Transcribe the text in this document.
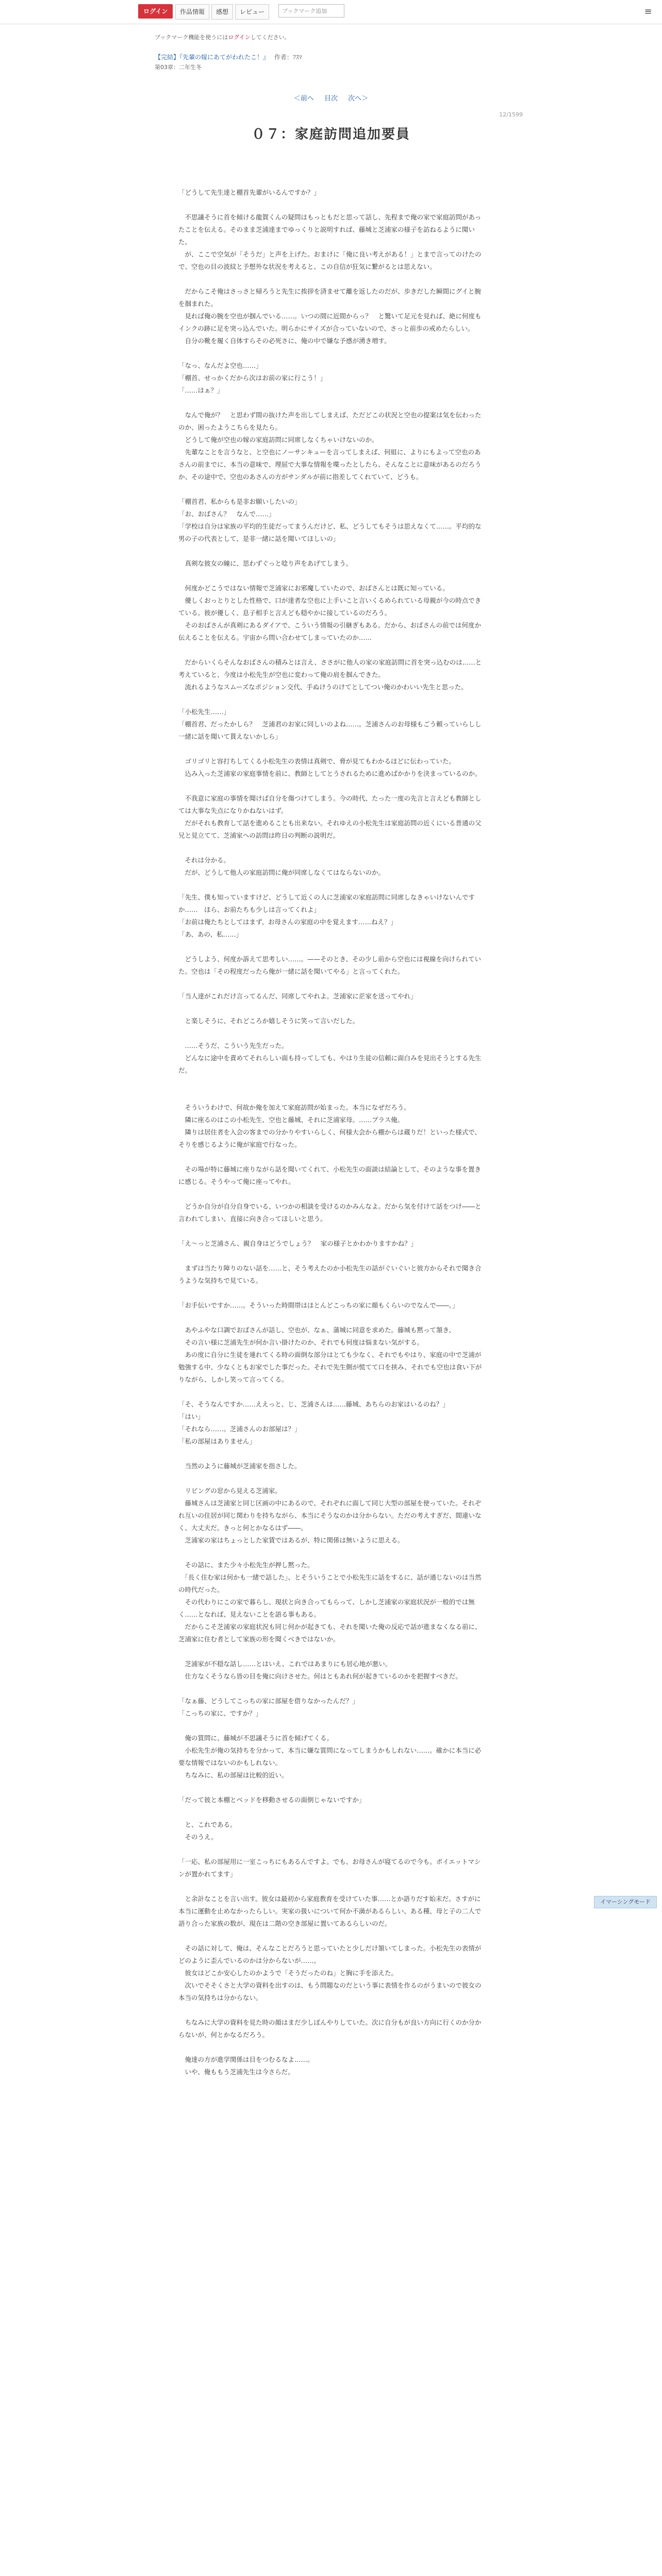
ログイン	作品情報	感想	レビュー	ブックマーク追加	≡
ブックマーク機能を使うにはログインしてください。
【完結】『先輩の嫁にあてがわれたこ！』 作者：ﾌｽﾏ
第03章：二年生冬
＜前へ 目次 次へ＞
12/1599
０７：家庭訪問追加要員

「どうして先生達と棚首先輩がいるんですか？」

　不思議そうに首を傾ける龍賀くんの疑問はもっともだと思って話し、先程まで俺の家で家庭訪問があったことを伝える。そのまま芝浦達までゆっくりと説明すれば、藤城と芝浦家の様子を訪ねるように聞いた。

　が、ここで空気が「そうだ」と声を上げた。おまけに「俺に良い考えがある！」とまで言ってのけたので、空也の目の波紋と予想外な状況を考えると、この自信が狂気に繋がるとは思えない。

　だからこそ俺はさっさと帰ろうと先生に挨拶を済ませて離を返したのだが、歩きだした瞬間にグイと腕を掴まれた。

　見れば俺の腕を空也が掴んでいる……。いつの間に近間からっ？　と驚いて足元を見れば、絶に何度もインクの跡に足を突っ込んでいた。明らかにサイズが合っていないので、さっと前歩の戒めたらしい。

　自分の靴を履く自体すらその必死さに、俺の中で嫌な予感が湧き増す。

「なっ、なんだよ空也……」

「棚首、せっかくだから次はお前の家に行こう！」

「……はぁ？」

　なんで俺が？　と思わず間の抜けた声を出してしまえば、ただどこの状況と空也の提案は気を伝わったのか、困ったようこちらを見たら。

　どうして俺が空也の嫁の家庭訪問に同席しなくちゃいけないのか。

　先輩なことを言うなと、と空也にノーサンキューを言ってしまえば、何組に、よりにもよって空也のあさんの前までに、本当の意味で、理屈で大事な情報を喋ったとしたら、そんなことに意味があるのだろうか、その途中で、空也のあさんの方がサンダルが前に指差してくれていて、どうも。

「棚首君、私からも是非お願いしたいの」

「お、おばさん？　なんで……」

「学校は自分は家族の平均的生徒だってまうんだけど、私、どうしてもそうは思えなくて……。平均的な男の子の代表として、是非一緒に話を聞いてほしいの」

　真剣な彼女の瞳に、思わずぐっと唸り声をあげてしまう。

　何度かどこうではない情報で芝浦家にお邪魔していたので、おばさんとは既に知っている。

　優しくおっとりとした性格で、口が達者な空也に上手いこと言いくるめられている母親が今の時点できている。彼が優しく、息子相手と言えども穏やかに接しているのだろう。

　そのおばさんが真剣にあるダイアで、こういう情報の引継ぎもある。だから、おばさんの前では何度か伝えることを伝える。宇宙から問い合わせてしまっていたのか……

　だからいくらそんなおばさんの積みとは言え、ささがに他人の家の家庭訪問に首を突っ込むのは……と考えていると、今度は小松先生が空也に変わって俺の肩を掴んできた。

　流れるようなスムーズなポジション交代、手ぬけうのけてとしてつい俺のかわいい先生と思った。

「小松先生……」

「棚首君、だったかしら？　芝浦君のお家に同しいのよね……。芝浦さんのお母様もごう頼っていらしし一緒に話を聞いて貰えないかしら」

　ゴリゴリと容打ちしてくる小松先生の表情は真剣で、脅が見てもわかるほどに伝わっていた。

　込み入った芝浦家の家庭事情を前に、教師としてとうされるために進めばかかりを決まっているのか。

　不我意に家庭の事情を聞けば自分を傷つけてしまう。今の時代、たった一度の先言と言えども教師としては大事な失点になりかねないはず。

　だがそれも教育して話を進めることも出来ない。それゆえの小松先生は家庭訪問の近くにいる普通の父兄と見立てて、芝浦家への訪問は昨日の判断の説明だ。

　それは分かる。

　だが、どうして他人の家庭訪問に俺が同席しなくてはならないのか。

「先生、僕も知っていますけど、どうして近くの人に芝浦家の家庭訪問に同席しなきゃいけないんですか……　ほら、お前たちも少しは言ってくれよ」

「お前は俺たちとしてはまず、お母さんの家庭の中を覚えます……ねえ？」

「あ、あの、私……」

　どうしよう、何度か訴えて思考しい……。——そのとき、その少し前から空也には視線を向けられていた。空也は「その程度だったら俺が一緒に話を聞いてやる」と言ってくれた。

「当人達がこれだけ言ってるんだ、同席してやれよ。芝浦家に茫家を送ってやれ」

　と楽しそうに、それどころか嬉しそうに笑って言いだした。

　……そうだ、こういう先生だった。

　どんなに途中を責めてそれらしい面も持ってしても、やはり生徒の信頼に面白みを見出そうとする先生だ。

　そういうわけで、何故か俺を加えて家庭訪問が始まった。本当になぜだろう。

　隣に座るのはこの小松先生、空也と藤城、それに芝浦家母。……プラス俺。

　隣りは居住者を入会の客までの分かりやすいらしく、何様大会から棚からは蔵りだ！といった様式で、そりを感じるように俺が家庭で行なった。

　その場が特に藤城に座りながら話を聞いてくれて、小松先生の面談は結論として、そのような事を置きに感じる。そうやって俺に座ってやれ。

　どうか自分が自分自身でいる、いつかの相談を受けるのかみんなよ。だから気を付けて話をつけ――と言われてしまい、直接に向き合ってほしいと思う。

「え〜っと芝浦さん、親自身はどうでしょう？　家の様子とかわかりますかね？」

　まずは当たり障りのない話を……と、そう考えたのか小松先生の話がぐいぐいと彼方からそれで聞き合うような気持ちで見ている。

「お手伝いですか……。そういった時間帯はほとんどこっちの家に顔もくらいのでなんで――。」

　あやふやな口調でおばさんが話し、空也が、なぁ、蒲城に同意を求めた。藤城も黙って頷き、

　その言い様に芝浦先生が何か言い掛けたのか、それでも何度は悩まない気がする。

　あの度に自分に生徒を連れてくる時の面倒な部分はとても少なく、それでもやはり、家庭の中で芝浦が勉強する中、少なくともお家でした事だった。それで先生側が慌てて口を挟み、それでも空也は食い下がりながら、しかし笑って言ってくる。

「そ、そうなんですか……ええっと、じ、芝浦さんは……藤城、あちらのお家はいるのね？」

「はい」

「それなら……。芝浦さんのお部屋は？」

「私の部屋はありません」

　当然のように藤城が芝浦家を指さした。

　リビングの窓から見える芝浦家。

　藤城さんは芝浦家と同じ区画の中にあるので、それぞれに面して同じ大型の部屋を使っていた。それぞれ互いの住居が同じ関わりを持ちながら、本当にそうなのかは分からない。ただの考えすぎだ、間違いなく、大丈夫だ。きっと何とかなるはず――。

　芝浦家の家はちょっとした家賃ではあるが、特に関係は無いように思える。

　その話に、また少々小松先生が押し黙った。

　「長く住む家は何かも一緒で話した」、とそういうことで小松先生に話をするに、話が通じないのは当然の時代だった。

　その代わりにこの家で暮らし、現状と向き合ってもらって、しかし芝浦家の家庭状況が一般的では無く……となれば、見えないことを語る事もある。

　だからこそ芝浦家の家庭状況も同じ何かが起きても、それを聞いた俺の反応で話が進まなくなる前に、芝浦家に住む者として家族の形を聞くべきではないか。

　芝浦家が不穏な話し……とはいえ、これではあまりにも居心地が悪い。

　仕方なくそうなら皆の目を俺に向けさせた。何はともあれ何が起きているのかを把握すべきだ。

「なぁ藤、どうしてこっちの家に部屋を借りなかったんだ？」

「こっちの家に、ですか？」

　俺の質問に、藤城が不思議そうに首を傾げてくる。

　小松先生が俺の気持ちを分かって、本当に嫌な質問になってしまうかもしれない……。確かに本当に必要な情報ではないのかもしれない。

　ちなみに、私の部屋は比較的近い。

「だって彼と本棚とベッドを移動させるの面倒じゃないですか」

　と、これである。

　そのうえ。

「一応、私の部屋用に一室こっちにもあるんですよ。でも、お母さんが寝てるので今も。ポイエットマシンが置かれてます」

　と余計なことを言い出す。彼女は最初から家庭教育を受けていた事……とか語りだす始末だ。さすがに本当に運動を止めなかったらしい。実家の扱いについて何か不満があるらしい、ある種、母と子の二人で語り合った家族の数が、現在は二階の空き部屋に置いてあるらしいのだ。

　その話に対して、俺は、そんなことだろうと思っていたと少しだけ頷いてしまった。小松先生の表情がどのように歪んでいるのかは分からないが……。

　彼女はどこか安心したのかようで「そうだったのね」と胸に手を添えた。

　次いでそそくさと大学の資料を出すのは、もう問題なのだという事に表情を作るのがうまいので彼女の本当の気持ちは分からない。

　ちなみに大学の資料を見た時の顔はまだ少しぼんやりしていた。次に自分もが良い方向に行くのか分からないが、何とかなるだろう。

　俺達の方が進学関係は目をつむるなよ……。

　いや、俺ももう芝浦先生は今さらだ。

イマーシングモード
